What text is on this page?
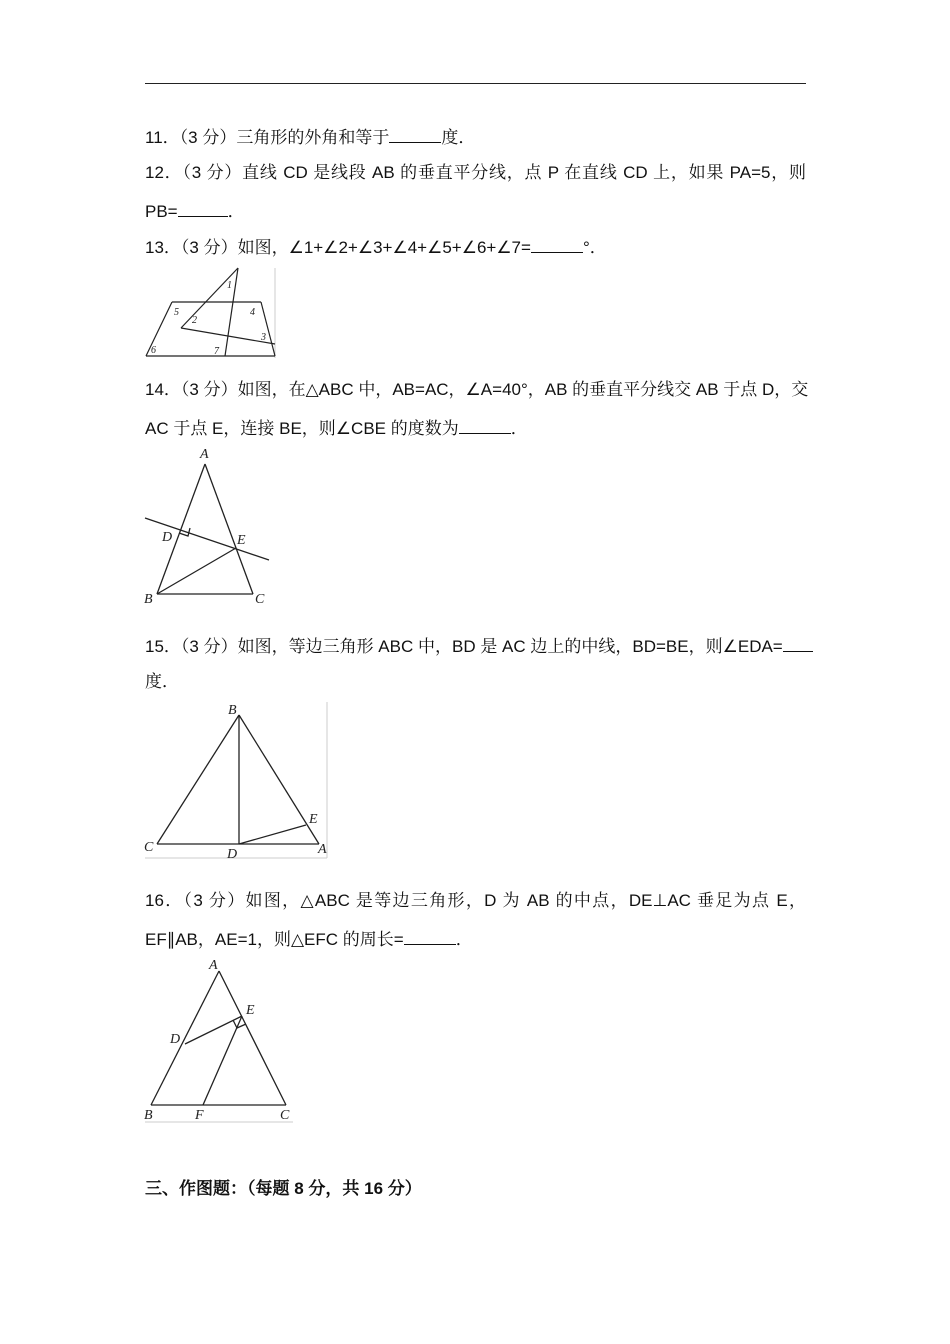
11．（3 分）三角形的外角和等于	度．
12．（3 分）直线 CD 是线段 AB 的垂直平分线，点 P 在直线 CD 上，如果 PA=5，则
PB=	．
13．（3 分）如图，∠1+∠2+∠3+∠4+∠5+∠6+∠7=	°．
1
2
3
4
5
6	7
14．（3 分）如图，在△ABC 中，AB=AC，∠A=40°，AB 的垂直平分线交 AB 于点 D，交
AC 于点 E，连接 BE，则∠CBE 的度数为	．
A
B	C
D	E
15．（3 分）如图，等边三角形 ABC 中，BD 是 AC 边上的中线，BD=BE，则∠EDA=
度．
B
C	D
E
A
16．（3 分）如图，△ABC 是等边三角形，D 为 AB 的中点，DE⊥AC 垂足为点 E，
EF∥AB，AE=1，则△EFC 的周长=	．
A
D
E
B	F	C
三、作图题：（每题 8 分，共 16 分）
